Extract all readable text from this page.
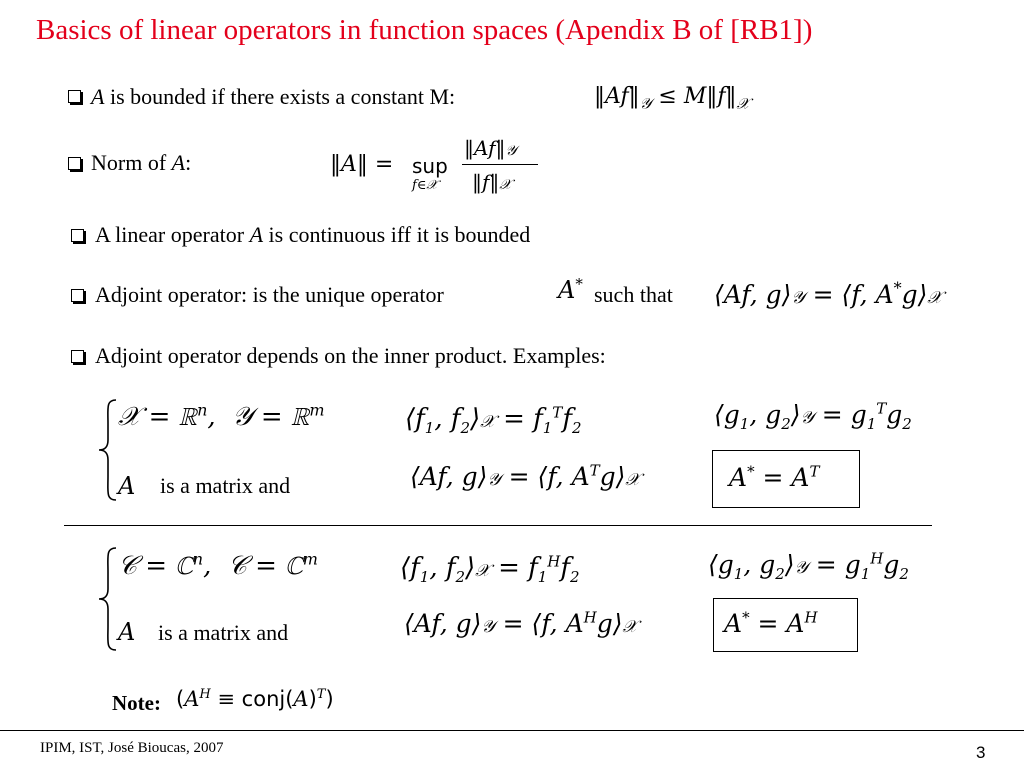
Basics of linear operators in function spaces (Apendix B of [RB1])
A is bounded if there exists a constant M:	$‖Af‖_𝒴$ ≤ $M‖f‖_𝒳$
Norm of A:	‖A‖ = sup
f∈𝒳
‖Af‖𝒴
‖f‖𝒳
A linear operator A is continuous iff it is bounded
Adjoint operator: is the unique operator	A* such that ⟨Af, g⟩𝒴 = ⟨f, A*g⟩𝒳
Adjoint operator depends on the inner product. Examples:
𝒳 = ℝ$^n$,  𝒴 = ℝ$^m$	$⟨f_1$, $f_2⟩𝒳 = f_1^Tf_2$	$⟨g_1$, $g_2⟩𝒴 = g_1^Tg_2$
A is a matrix and	⟨Af, g⟩𝒴 = ⟨f, $A^Tg⟩𝒳$	$A^* = A^T$
𝒞 = ℂ$^n$,  𝒞 = ℂ$^m$	$⟨f_1$, $f_2⟩𝒳 = f_1^Hf_2$	$⟨g_1$, $g_2⟩𝒴 = g_1^Hg_2$
A is a matrix and	⟨Af, g⟩𝒴 = ⟨f, $A^Hg⟩𝒳$	$A^* = A^H$
Note: ($A^H$ ≡ $conj(A)^T$)
IPIM, IST, José Bioucas, 2007	3
